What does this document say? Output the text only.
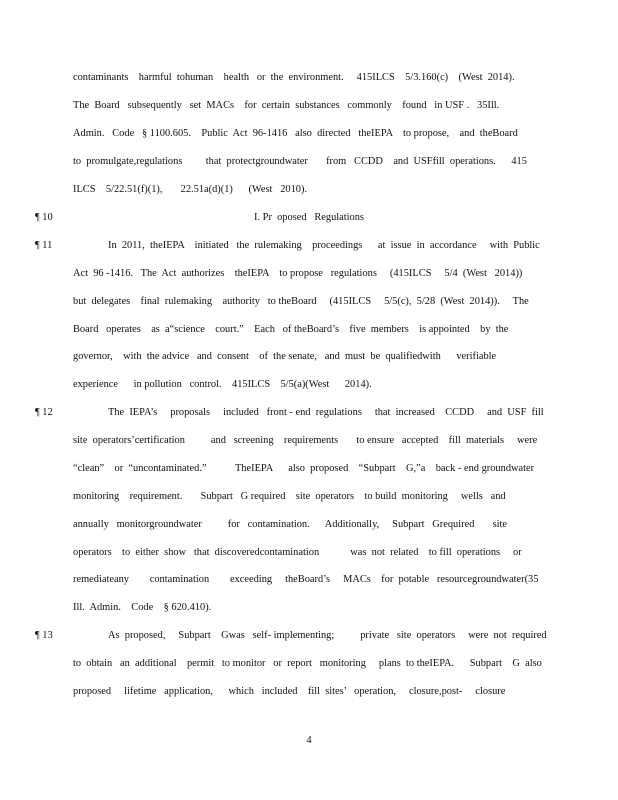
contaminants    harmful  tohuman    health   or  the  environment.     415ILCS    5/3.160(c)    (West  2014).
The  Board   subsequently   set  MACs    for  certain  substances   commonly    found   in USF .   35Ill.
Admin.   Code   § 1100.605.    Public  Act  96-1416   also  directed   theIEPA    to propose,    and  theBoard
to  promulgate,regulations         that  protectgroundwater       from   CCDD    and  USFfill  operations.      415
ILCS    5/22.51(f)(1),       22.51a(d)(1)      (West   2010).
¶ 10	I. Pr  oposed   Regulations
¶ 11	In  2011,  theIEPA    initiated   the  rulemaking    proceedings      at  issue  in  accordance     with  Public
Act  96 -1416.   The  Act  authorizes    theIEPA    to propose   regulations     (415ILCS     5/4  (West   2014))
but  delegates    final  rulemaking    authority   to theBoard     (415ILCS     5/5(c),  5/28  (West  2014)).     The
Board   operates    as  a“science    court.”    Each   of theBoard’s    five  members    is appointed    by  the
governor,    with  the advice   and  consent    of  the senate,   and  must  be  qualifiedwith      verifiable
experience      in pollution   control.    415ILCS    5/5(a)(West      2014).
¶ 12	The  IEPA’s     proposals     included   front - end  regulations     that  increased    CCDD     and  USF  fill
site  operators’certification          and   screening    requirements       to ensure   accepted    fill  materials     were
“clean”    or  “uncontaminated.”           TheIEPA      also  proposed    “Subpart    G,”a    back - end groundwater
monitoring    requirement.       Subpart   G required    site  operators    to build  monitoring     wells   and
annually   monitorgroundwater          for   contamination.      Additionally,     Subpart   Grequired       site
operators    to  either  show   that  discoveredcontamination            was  not  related    to fill  operations     or
remediateany        contamination        exceeding     theBoard’s     MACs    for  potable   resourcegroundwater(35
Ill.  Admin.    Code    § 620.410).
¶ 13	As  proposed,     Subpart    Gwas   self- implementing;          private   site  operators     were  not  required
to  obtain   an  additional    permit   to monitor   or  report   monitoring     plans  to theIEPA.      Subpart    G  also
proposed     lifetime   application,      which   included    fill  sites’   operation,     closure,post-     closure
4
